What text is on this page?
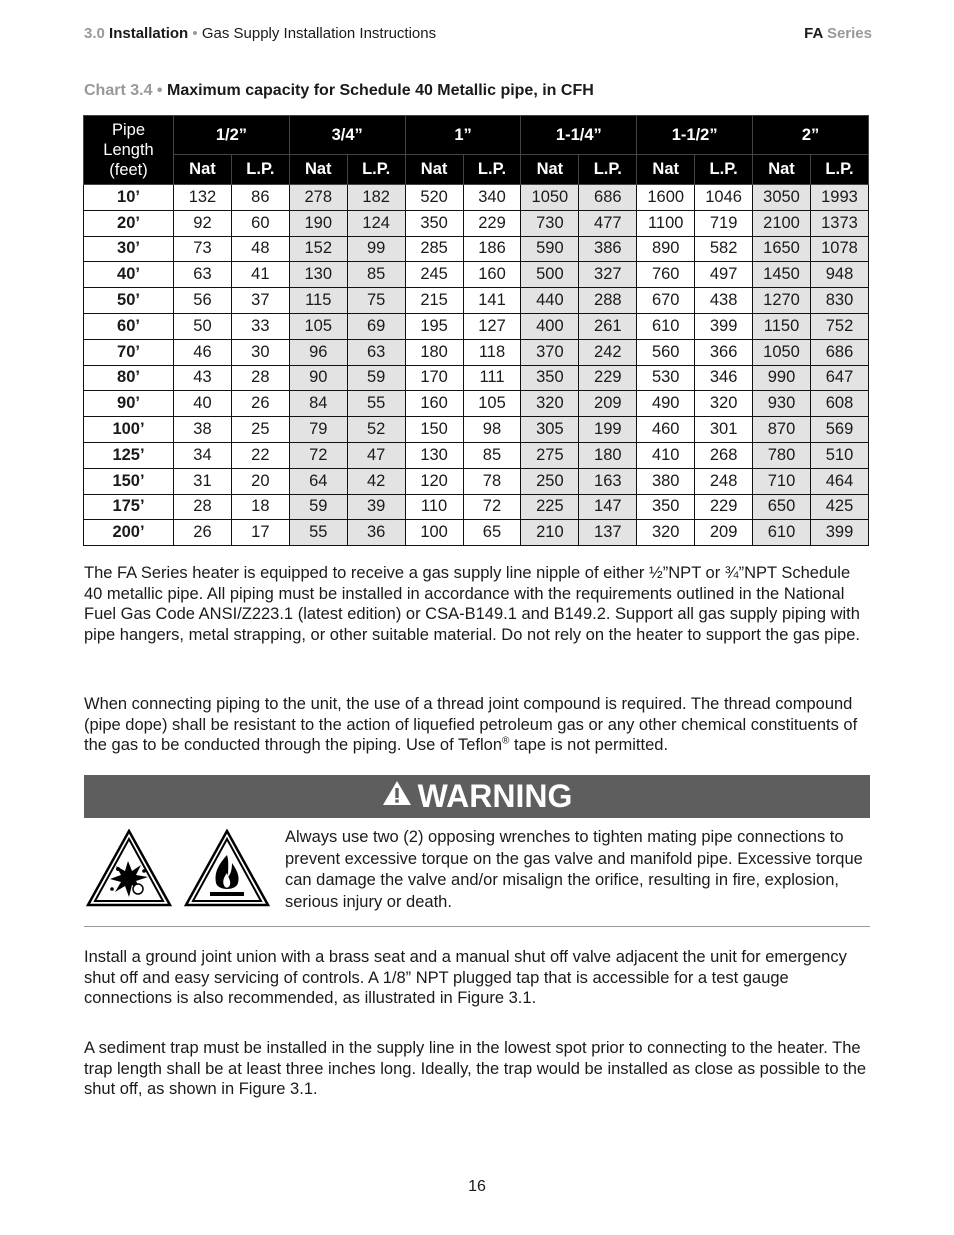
3.0 Installation • Gas Supply Installation Instructions	FA Series
Chart 3.4 • Maximum capacity for Schedule 40 Metallic pipe, in CFH
Pipe
Length
(feet)	1/2”		3/4”		1”		1-1/4”		1-1/2”		2”	
	Nat	L.P.	Nat	L.P.	Nat	L.P.	Nat	L.P.	Nat	L.P.	Nat	L.P.
10’	132	86	278	182	520	340	1050	686	1600	1046	3050	1993
20’	92	60	190	124	350	229	730	477	1100	719	2100	1373
30’	73	48	152	99	285	186	590	386	890	582	1650	1078
40’	63	41	130	85	245	160	500	327	760	497	1450	948
50’	56	37	115	75	215	141	440	288	670	438	1270	830
60’	50	33	105	69	195	127	400	261	610	399	1150	752
70’	46	30	96	63	180	118	370	242	560	366	1050	686
80’	43	28	90	59	170	111	350	229	530	346	990	647
90’	40	26	84	55	160	105	320	209	490	320	930	608
100’	38	25	79	52	150	98	305	199	460	301	870	569
125’	34	22	72	47	130	85	275	180	410	268	780	510
150’	31	20	64	42	120	78	250	163	380	248	710	464
175’	28	18	59	39	110	72	225	147	350	229	650	425
200’	26	17	55	36	100	65	210	137	320	209	610	399
The FA Series heater is equipped to receive a gas supply line nipple of either ½”NPT or ¾”NPT Schedule 40 metallic pipe. All piping must be installed in accordance with the requirements outlined in the National Fuel Gas Code ANSI/Z223.1 (latest edition) or CSA-B149.1 and B149.2. Support all gas supply piping with pipe hangers, metal strapping, or other suitable material. Do not rely on the heater to support the gas pipe.
When connecting piping to the unit, the use of a thread joint compound is required. The thread compound (pipe dope) shall be resistant to the action of liquefied petroleum gas or any other chemical constituents of the gas to be conducted through the piping. Use of Teflon® tape is not permitted.
WARNING
Always use two (2) opposing wrenches to tighten mating pipe connections to prevent excessive torque on the gas valve and manifold pipe. Excessive torque can damage the valve and/or misalign the orifice, resulting in fire, explosion, serious injury or death.
Install a ground joint union with a brass seat and a manual shut off valve adjacent the unit for emergency shut off and easy servicing of controls. A 1/8” NPT plugged tap that is accessible for a test gauge connections is also recommended, as illustrated in Figure 3.1.
A sediment trap must be installed in the supply line in the lowest spot prior to connecting to the heater. The trap length shall be at least three inches long. Ideally, the trap would be installed as close as possible to the shut off, as shown in Figure 3.1.
16
